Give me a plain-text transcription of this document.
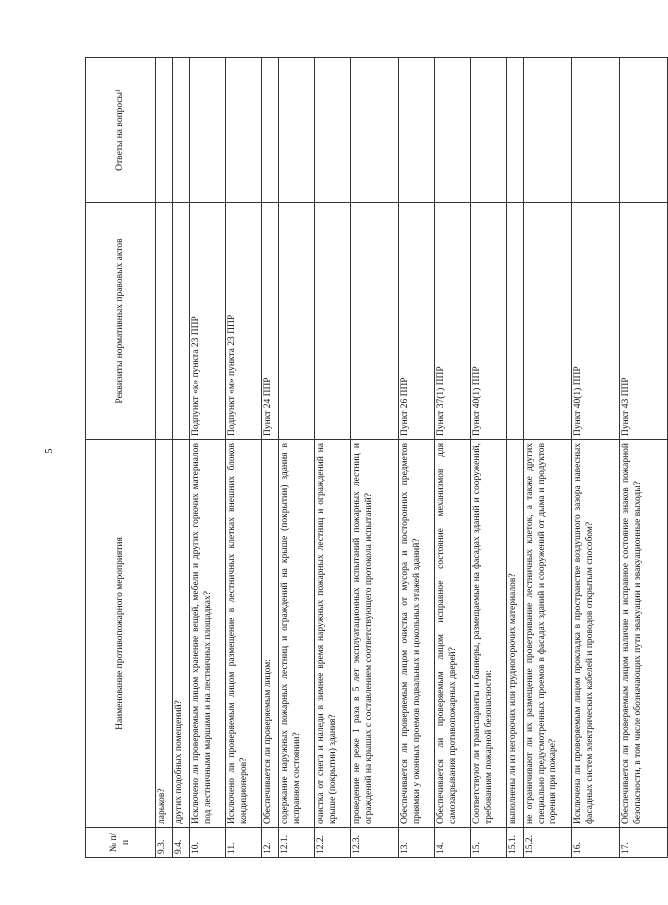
5
№ п/п	Наименование противопожарного мероприятия	Реквизиты нормативных правовых актов	Ответы на вопросы¹
9.3.	ларьков?		
9.4.	других подобных помещений?		
10.	Исключено ли проверяемым лицом хранение вещей, мебели и других горючих материалов под лестничными маршами и на лестничных площадках?	Подпункт «к» пункта 23 ППР	
11.	Исключено ли проверяемым лицом размещение в лестничных клетках внешних блоков кондиционеров?	Подпункт «м» пункта 23 ППР	
12.	Обеспечивается ли проверяемым лицом:	Пункт 24 ППР	
12.1.	содержание наружных пожарных лестниц и ограждений на крыше (покрытии) здания в исправном состоянии?		
12.2.	очистка от снега и наледи в зимнее время наружных пожарных лестниц и ограждений на крыше (покрытии) здания?		
12.3.	проведение не реже 1 раза в 5 лет эксплуатационных испытаний пожарных лестниц и ограждений на крышах с составлением соответствующего протокола испытаний?		
13.	Обеспечивается ли проверяемым лицом очистка от мусора и посторонних предметов приямки у оконных проемов подвальных и цокольных этажей зданий?	Пункт 26 ППР	
14.	Обеспечивается ли проверяемым лицом исправное состояние механизмов для самозакрывания противопожарных дверей?	Пункт 37(1) ППР	
15.	Соответствуют ли транспаранты и баннеры, размещаемые на фасадах зданий и сооружений, требованиям пожарной безопасности:	Пункт 40(1) ППР	
15.1.	выполнены ли из негорючих или трудногорючих материалов?		
15.2.	не ограничивают ли их размещение проветривание лестничных клеток, а также других специально предусмотренных проемов в фасадах зданий и сооружений от дыма и продуктов горения при пожаре?		
16.	Исключена ли проверяемым лицом прокладка в пространстве воздушного зазора навесных фасадных систем электрических кабелей и проводов открытым способом?	Пункт 40(1) ППР	
17.	Обеспечивается ли проверяемым лицом наличие и исправное состояние знаков пожарной безопасности, в том числе обозначающих пути эвакуации и эвакуационные выходы?	Пункт 43 ППР	
